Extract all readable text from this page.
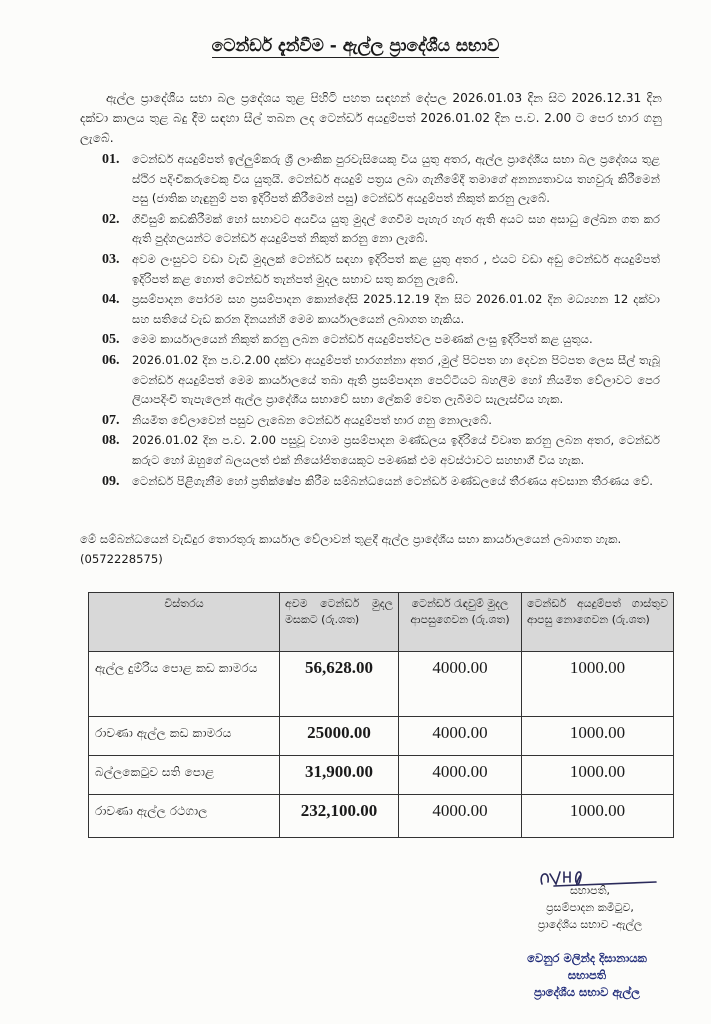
ටෙන්ඩර් දැන්වීම - ඇල්ල ප්‍රාදේශීය සභාව

ඇල්ල ප්‍රාදේශීය සභා බල ප්‍රදේශය තුළ පිහිටි පහත සඳහන් දේපල 2026.01.03 දින සිට 2026.12.31 දින දක්වා කාලය තුළ බදු දීම සඳහා සීල් තබන ලද ටෙන්ඩර් අයදුම්පත් 2026.01.02 දින ප.ව. 2.00 ට පෙර භාර ගනු ලැබේ.

01. ටෙන්ඩර් අයදුම්පත් ඉල්ලුම්කරු ශ්‍රී ලාංකික පුරවැසියෙකු විය යුතු අතර, ඇල්ල ප්‍රාදේශීය සභා බල ප්‍රදේශය තුළ ස්ථිර පදිංචිකරුවෙකු විය යුතුයි. ටෙන්ඩර් අයදුම් පත්‍රය ලබා ගැනීමේදී තමාගේ අනන්‍යතාවය තහවුරු කිරීමෙන් පසු (ජාතික හැඳුනුම් පත ඉදිරිපත් කිරීමෙන් පසු) ටෙන්ඩර් අයදුම්පත් නිකුත් කරනු ලැබේ.
02. ගිවිසුම් කඩකිරීමක් හෝ සභාවට අයවිය යුතු මුදල් ගෙවීම පැහැර හැර ඇති අයට සහ අසාධු ලේඛන ගත කර ඇති පුද්ගලයන්ට ටෙන්ඩර් අයදුම්පත් නිකුත් කරනු නො ලැබේ.
03. අවම ලංසුවට වඩා වැඩි මුදලක් ටෙන්ඩර් සඳහා ඉදිරිපත් කළ යුතු අතර , එයට වඩා අඩු ටෙන්ඩර් අයදුම්පත් ඉදිරිපත් කළ හොත් ටෙන්ඩර් තැන්පත් මුදල සභාව සතු කරනු ලැබේ.
04. ප්‍රසම්පාදන පෝරම සහ ප්‍රසම්පාදන කොන්දේසි 2025.12.19 දින සිට 2026.01.02 දින මධ්‍යහන 12 දක්වා සහ සතියේ වැඩ කරන දිනයන්හි මෙම කාර්යාලයෙන් ලබාගත හැකිය.
05. මෙම කාර්යාලයෙන් නිකුත් කරනු ලබන ටෙන්ඩර් අයදුම්පත්වල පමණක් ලංසු ඉදිරිපත් කළ යුතුය.
06. 2026.01.02 දින ප.ව.2.00 දක්වා අයදුම්පත් භාරගන්නා අතර ,මුල් පිටපත හා දෙවන පිටපත ලෙස සීල් තැබූ ටෙන්ඩර් අයදුම්පත් මෙම කාර්යාලයේ තබා ඇති ප්‍රසම්පාදන පෙට්ටියට බහලීම හෝ නියමිත වේලාවට පෙර ලියාපදිංචි තැපැලෙන් ඇල්ල ප්‍රාදේශීය සභාවේ සභා ලේකම් වෙත ලැබීමට සැලැස්විය හැක.
07. නියමිත වේලාවෙන් පසුව ලැබෙන ටෙන්ඩර් අයදුම්පත් භාර ගනු නොලැබේ.
08. 2026.01.02 දින ප.ව. 2.00 පසුවූ වහාම ප්‍රසම්පාදන මණ්ඩලය ඉදිරියේ විවෘත කරනු ලබන අතර, ටෙන්ඩර් කරුට හෝ ඔහුගේ බලයලත් එක් නියෝජිතයෙකුට පමණක් එම අවස්ථාවට සහභාගී විය හැක.
09. ටෙන්ඩර් පිළිගැනීම හෝ ප්‍රතික්ෂේප කිරීම සම්බන්ධයෙන් ටෙන්ඩර් මණ්ඩලයේ තීරණය අවසාන තීරණය වේ.

මේ සම්බන්ධයෙන් වැඩිදුර තොරතුරු කාර්යාල වේලාවන් තුළදී ඇල්ල ප්‍රාදේශීය සභා කාර්යාලයෙන් ලබාගත හැක. (0572228575)

විස්තරය	අවම ටෙන්ඩර් මුදල මසකට (රු.ශත)	ටෙන්ඩර් රැඳවුම් මුදල ආපසුගෙවන (රු.ශත)	ටෙන්ඩර් අයදුම්පත් ගාස්තුව ආපසු නොගෙවන (රු.ශත)
ඇල්ල දුම්රිය පොළ කඩ කාමරය	56,628.00	4000.00	1000.00
රාවණා ඇල්ල කඩ කාමරය	25000.00	4000.00	1000.00
බල්ලකෙටුව සති පොළ	31,900.00	4000.00	1000.00
රාවණා ඇල්ල රථගාල	232,100.00	4000.00	1000.00
සභාපති,
ප්‍රසම්පාදන කමිටුව,
ප්‍රාදේශීය සභාව -ඇල්ල
වෙනුර මලින්ද දිසානායක
සභාපති
ප්‍රාදේශීය සභාව ඇල්ල
